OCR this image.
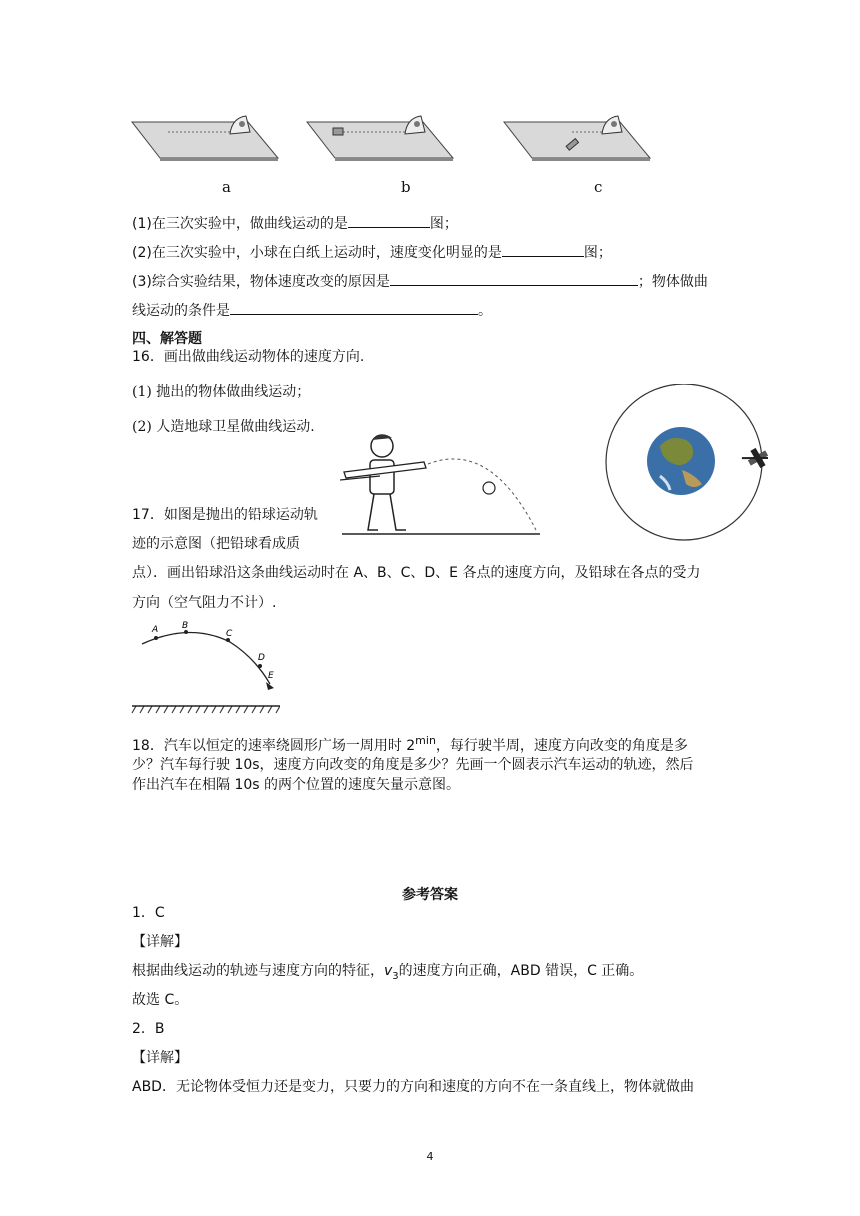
a	b	c
(1)在三次实验中，做曲线运动的是	图；
(2)在三次实验中，小球在白纸上运动时，速度变化明显的是	图；
(3)综合实验结果，物体速度改变的原因是	；物体做曲
线运动的条件是	。
四、解答题
16．画出做曲线运动物体的速度方向.
(1) 抛出的物体做曲线运动；
(2) 人造地球卫星做曲线运动.
17．如图是抛出的铅球运动轨
迹的示意图（把铅球看成质
点）．画出铅球沿这条曲线运动时在 A、B、C、D、E 各点的速度方向，及铅球在各点的受力
方向（空气阻力不计）.
A	B
C
D
E
18．汽车以恒定的速率绕圆形广场一周用时 $2^{min}$，每行驶半周，速度方向改变的角度是多
少？汽车每行驶 10s，速度方向改变的角度是多少？先画一个圆表示汽车运动的轨迹，然后
作出汽车在相隔 10s 的两个位置的速度矢量示意图。
参考答案
1．C
【详解】
根据曲线运动的轨迹与速度方向的特征，$v_3$的速度方向正确，ABD 错误，C 正确。
故选 C。
2．B
【详解】
ABD．无论物体受恒力还是变力，只要力的方向和速度的方向不在一条直线上，物体就做曲
4
